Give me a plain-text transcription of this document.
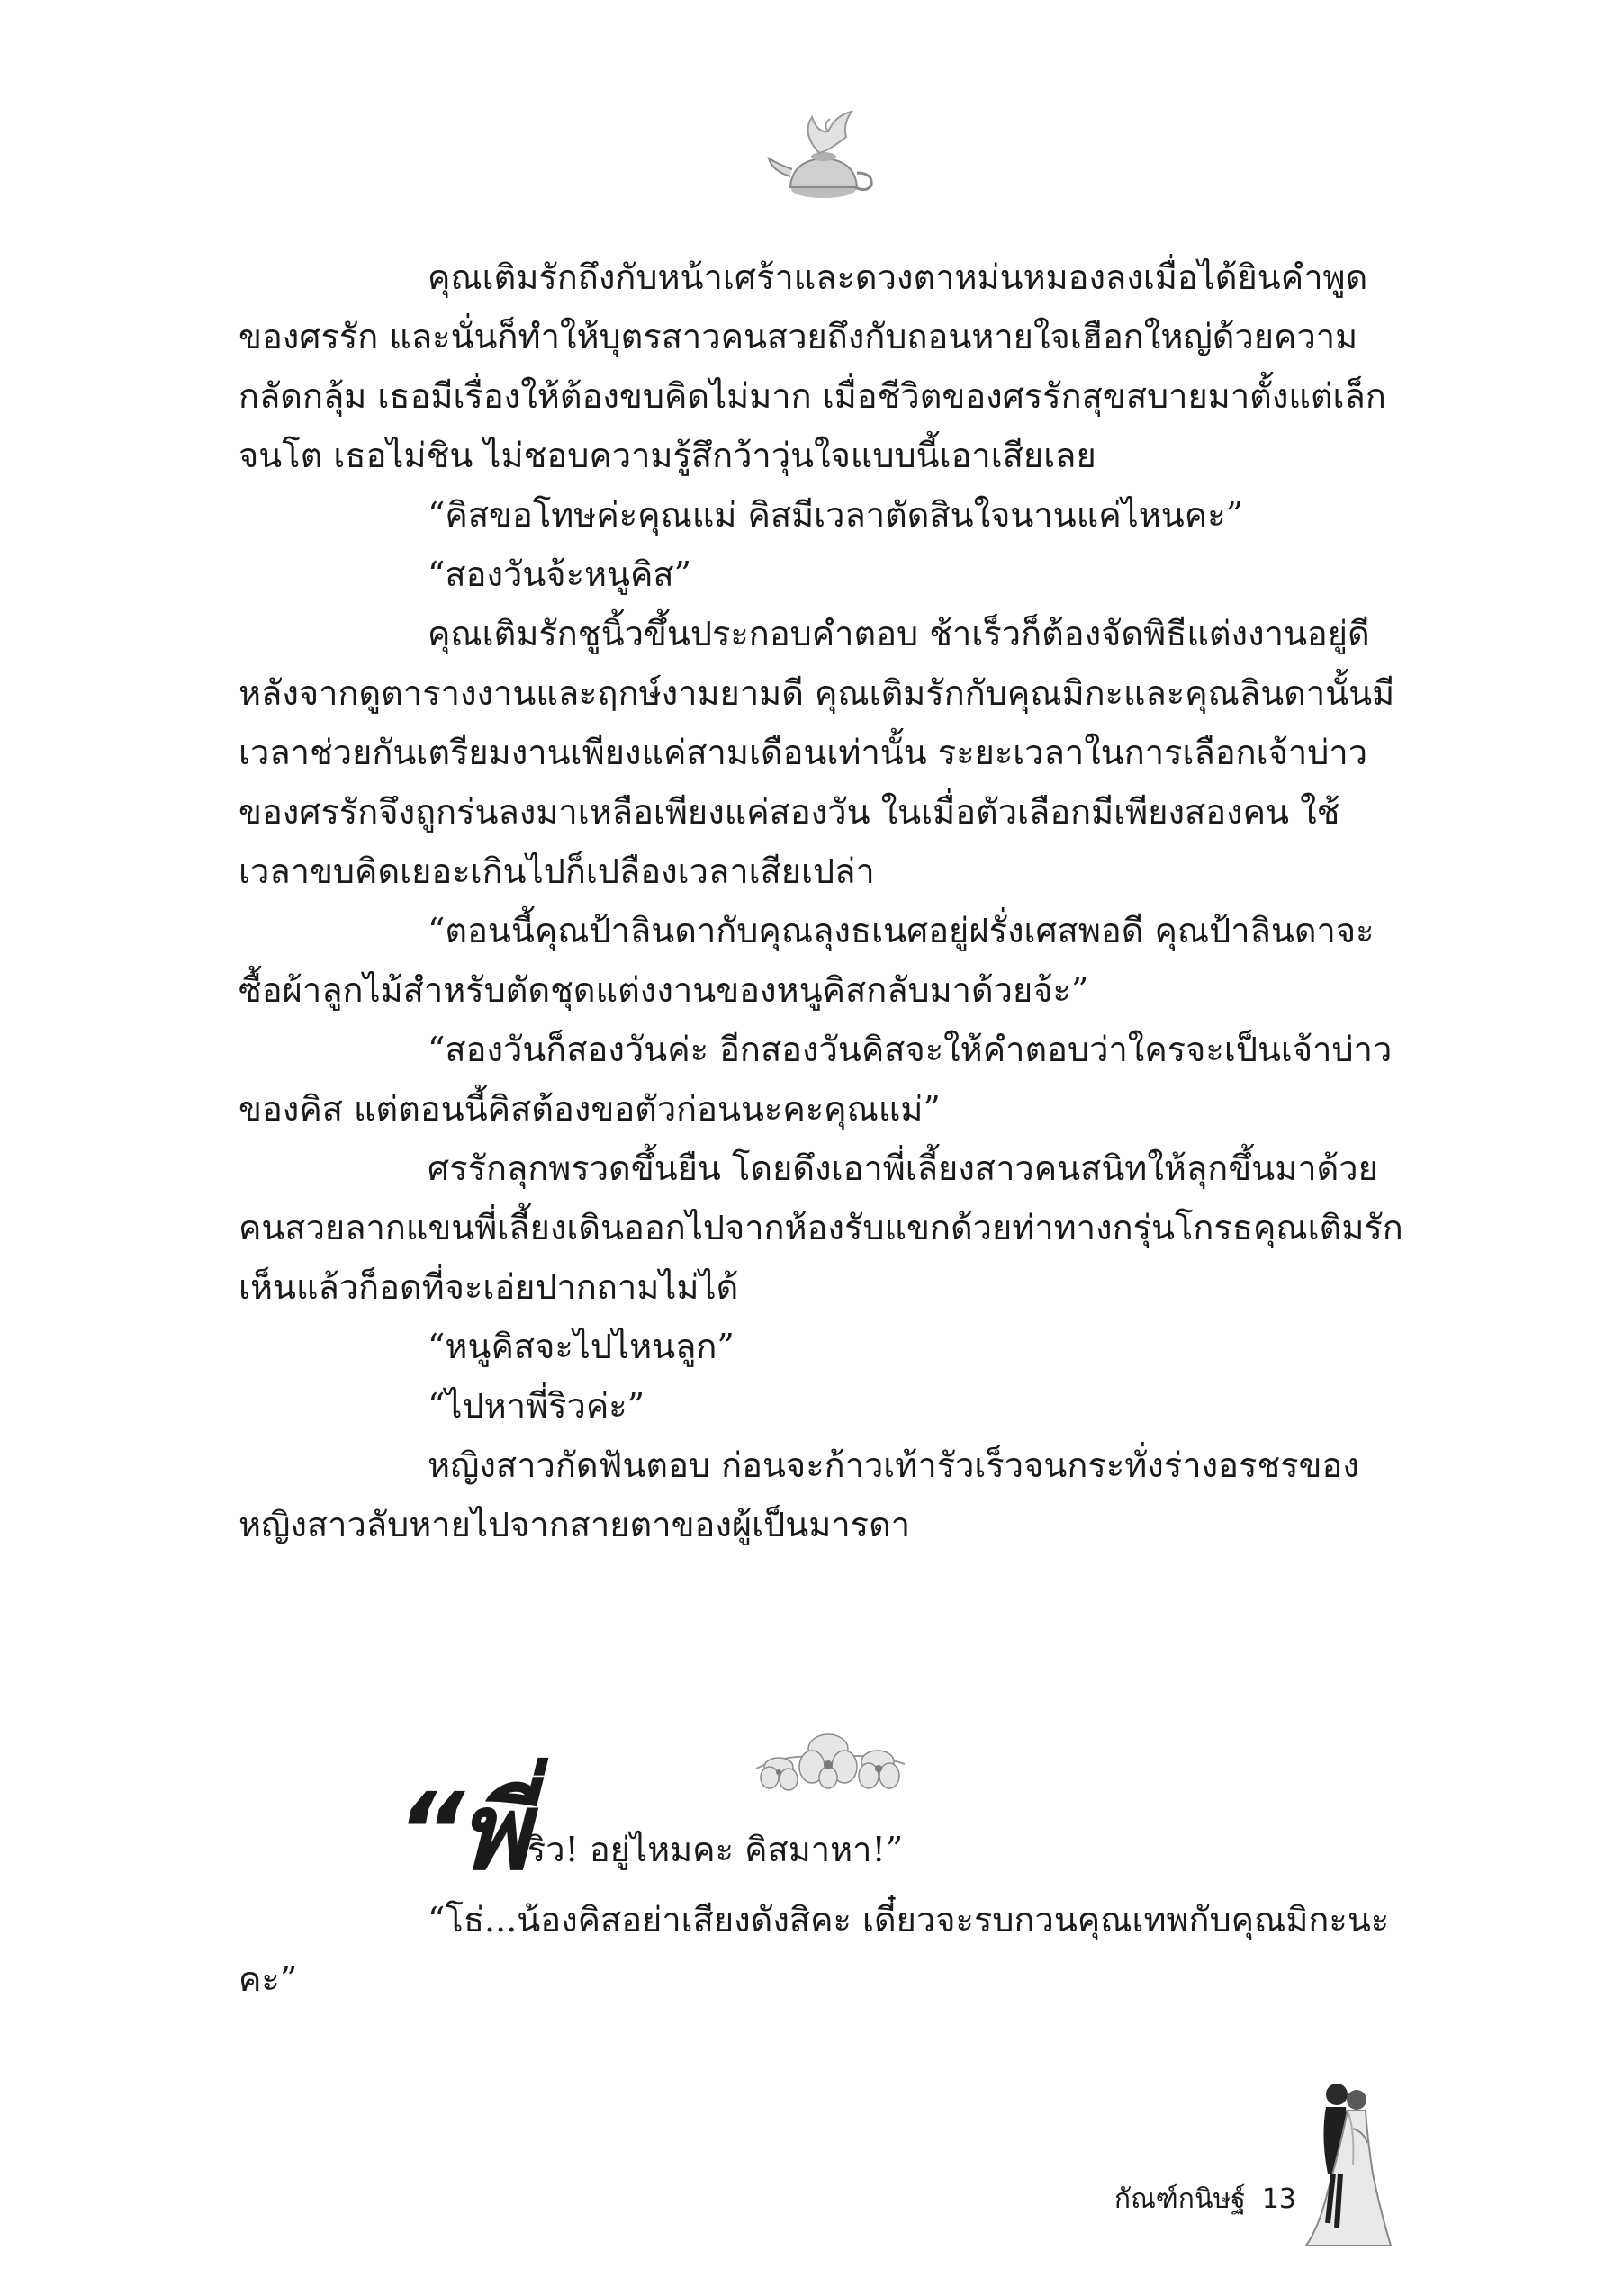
คุณเติมรักถึงกับหน้าเศร้าและดวงตาหม่นหมองลงเมื่อได้ยินคำพูดของศรรัก และนั่นก็ทำให้บุตรสาวคนสวยถึงกับถอนหายใจเฮือกใหญ่ด้วยความกลัดกลุ้ม เธอมีเรื่องให้ต้องขบคิดไม่มาก เมื่อชีวิตของศรรักสุขสบายมาตั้งแต่เล็กจนโต เธอไม่ชิน ไม่ชอบความรู้สึกว้าวุ่นใจแบบนี้เอาเสียเลย

“คิสขอโทษค่ะคุณแม่ คิสมีเวลาตัดสินใจนานแค่ไหนคะ”

“สองวันจ้ะหนูคิส”

คุณเติมรักชูนิ้วขึ้นประกอบคำตอบ ช้าเร็วก็ต้องจัดพิธีแต่งงานอยู่ดี หลังจากดูตารางงานและฤกษ์งามยามดี คุณเติมรักกับคุณมิกะและคุณลินดานั้นมีเวลาช่วยกันเตรียมงานเพียงแค่สามเดือนเท่านั้น ระยะเวลาในการเลือกเจ้าบ่าวของศรรักจึงถูกร่นลงมาเหลือเพียงแค่สองวัน ในเมื่อตัวเลือกมีเพียงสองคน ใช้เวลาขบคิดเยอะเกินไปก็เปลืองเวลาเสียเปล่า

“ตอนนี้คุณป้าลินดากับคุณลุงธเนศอยู่ฝรั่งเศสพอดี คุณป้าลินดาจะซื้อผ้าลูกไม้สำหรับตัดชุดแต่งงานของหนูคิสกลับมาด้วยจ้ะ”

“สองวันก็สองวันค่ะ อีกสองวันคิสจะให้คำตอบว่าใครจะเป็นเจ้าบ่าวของคิส แต่ตอนนี้คิสต้องขอตัวก่อนนะคะคุณแม่”

ศรรักลุกพรวดขึ้นยืน โดยดึงเอาพี่เลี้ยงสาวคนสนิทให้ลุกขึ้นมาด้วย คนสวยลากแขนพี่เลี้ยงเดินออกไปจากห้องรับแขกด้วยท่าทางกรุ่นโกรธคุณเติมรักเห็นแล้วก็อดที่จะเอ่ยปากถามไม่ได้

“หนูคิสจะไปไหนลูก”

“ไปหาพี่ริวค่ะ”

หญิงสาวกัดฟันตอบ ก่อนจะก้าวเท้ารัวเร็วจนกระทั่งร่างอรชรของหญิงสาวลับหายไปจากสายตาของผู้เป็นมารดา

“พี่ริว! อยู่ไหมคะ คิสมาหา!”

“โธ่...น้องคิสอย่าเสียงดังสิคะ เดี๋ยวจะรบกวนคุณเทพกับคุณมิกะนะคะ”

กัณฑ์กนิษฐ์ 13
